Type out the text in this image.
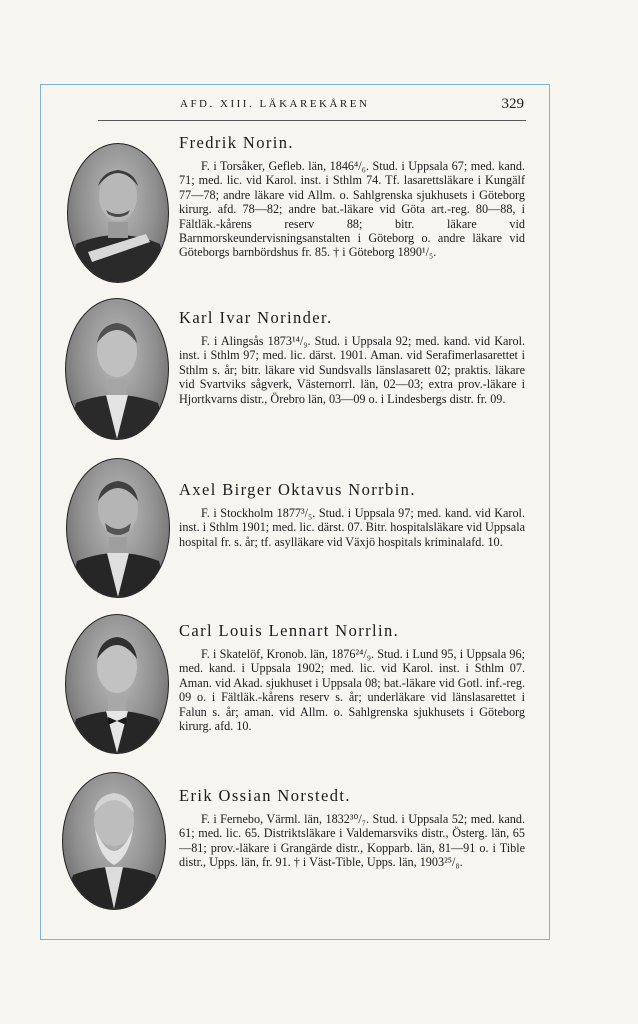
AFD. XIII. LÄKAREKÅREN	329

Fredrik Norin.

F. i Torsåker, Gefleb. län, 1846⁴/₆. Stud. i Uppsala 67; med. kand. 71; med. lic. vid Karol. inst. i Sthlm 74. Tf. lasarettsläkare i Kungälf 77—78; andre läkare vid Allm. o. Sahlgrenska sjukhusets i Göteborg kirurg. afd. 78—82; andre bat.-läkare vid Göta art.-reg. 80—88, i Fältläk.-kårens reserv 88; bitr. läkare vid Barnmorskeundervisningsanstalten i Göteborg o. andre läkare vid Göteborgs barnbördshus fr. 85. † i Göteborg 1890¹/₅.

Karl Ivar Norinder.

F. i Alingsås 1873¹⁴/₉. Stud. i Uppsala 92; med. kand. vid Karol. inst. i Sthlm 97; med. lic. därst. 1901. Aman. vid Serafimerlasarettet i Sthlm s. år; bitr. läkare vid Sundsvalls länslasarett 02; praktis. läkare vid Svartviks sågverk, Västernorrl. län, 02—03; extra prov.-läkare i Hjortkvarns distr., Örebro län, 03—09 o. i Lindesbergs distr. fr. 09.

Axel Birger Oktavus Norrbin.

F. i Stockholm 1877³/₅. Stud. i Uppsala 97; med. kand. vid Karol. inst. i Sthlm 1901; med. lic. därst. 07. Bitr. hospitalsläkare vid Uppsala hospital fr. s. år; tf. asylläkare vid Växjö hospitals kriminalafd. 10.

Carl Louis Lennart Norrlin.

F. i Skatelöf, Kronob. län, 1876²⁴/₉. Stud. i Lund 95, i Uppsala 96; med. kand. i Uppsala 1902; med. lic. vid Karol. inst. i Sthlm 07. Aman. vid Akad. sjukhuset i Uppsala 08; bat.-läkare vid Gotl. inf.-reg. 09 o. i Fältläk.-kårens reserv s. år; underläkare vid länslasarettet i Falun s. år; aman. vid Allm. o. Sahlgrenska sjukhusets i Göteborg kirurg. afd. 10.

Erik Ossian Norstedt.

F. i Fernebo, Värml. län, 1832³⁰/₇. Stud. i Uppsala 52; med. kand. 61; med. lic. 65. Distriktsläkare i Valdemarsviks distr., Österg. län, 65—81; prov.-läkare i Grangärde distr., Kopparb. län, 81—91 o. i Tible distr., Upps. län, fr. 91. † i Väst-Tible, Upps. län, 1903²⁵/₈.
